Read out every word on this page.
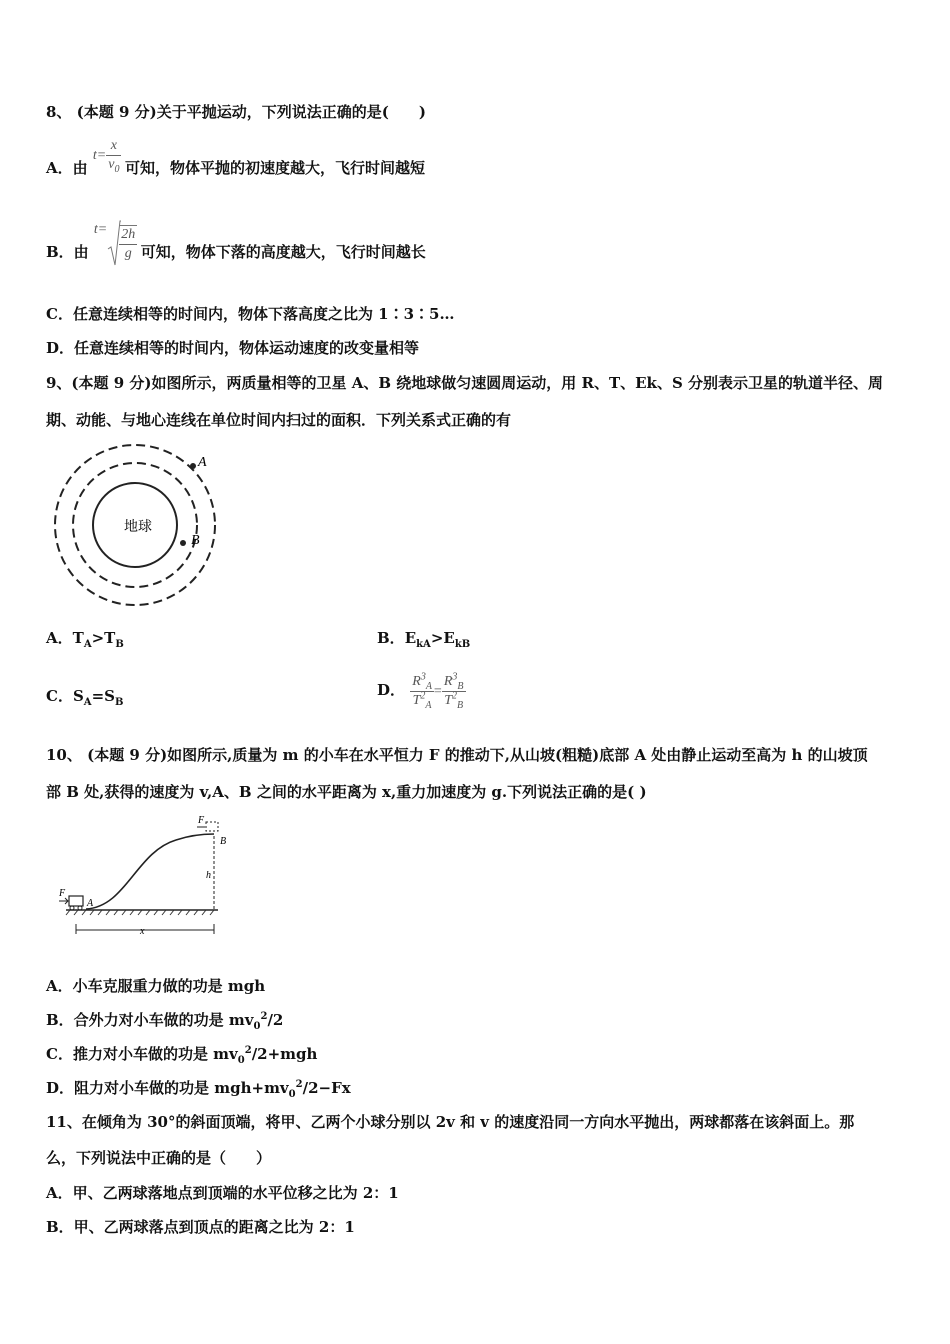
8、 (本题 9 分)关于平抛运动，下列说法正确的是(　　)
A．由 $t= \frac{x}{v_0}$ 可知，物体平抛的初速度越大，飞行时间越短
B．由 $t= \frac{2h}{g}$ 可知，物体下落的高度越大，飞行时间越长
C．任意连续相等的时间内，物体下落高度之比为 1∶3∶5…
D．任意连续相等的时间内，物体运动速度的改变量相等
9、(本题 9 分)如图所示，两质量相等的卫星 A、B 绕地球做匀速圆周运动，用 R、T、Ek、S 分别表示卫星的轨道半径、周
期、动能、与地心连线在单位时间内扫过的面积．下列关系式正确的有
地球
A
B
A．$T_A>T_B$	B．$E_{kA}>E_{kB}$
C．$S_A=S_B$
D． $\frac{R^3_A}{T^2_A} = \frac{R^3_B}{T^2_B}$
10、 (本题 9 分)如图所示,质量为 m 的小车在水平恒力 F 的推动下,从山坡(粗糙)底部 A 处由静止运动至高为 h 的山坡顶
部 B 处,获得的速度为 v,A、B 之间的水平距离为 x,重力加速度为 g.下列说法正确的是( )
F
A
F
B
h
x
A．小车克服重力做的功是 mgh
B．合外力对小车做的功是 $mv_0^2/2$
C．推力对小车做的功是 $mv_0^2/2+mgh$
D．阻力对小车做的功是 $mgh+mv_0^2/2-Fx$
11、在倾角为 30°的斜面顶端，将甲、乙两个小球分别以 2v 和 v 的速度沿同一方向水平抛出，两球都落在该斜面上。那
么，下列说法中正确的是（　　）
A．甲、乙两球落地点到顶端的水平位移之比为 2：1
B．甲、乙两球落点到顶点的距离之比为 2：1
